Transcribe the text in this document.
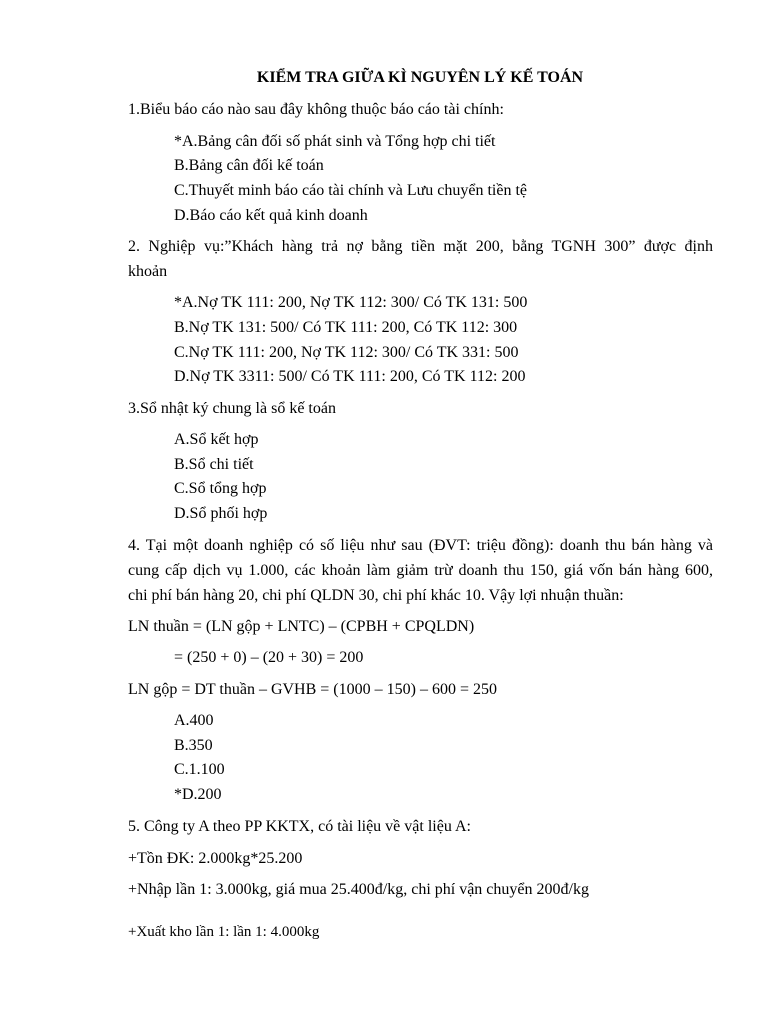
KIỂM TRA GIỮA KÌ NGUYÊN LÝ KẾ TOÁN
1.Biểu báo cáo nào sau đây không thuộc báo cáo tài chính:
*A.Bảng cân đối số phát sinh và Tổng hợp chi tiết
B.Bảng cân đối kế toán
C.Thuyết minh báo cáo tài chính và Lưu chuyển tiền tệ
D.Báo cáo kết quả kinh doanh
2. Nghiệp vụ:”Khách hàng trả nợ bằng tiền mặt 200, bằng TGNH 300” được định
khoản
*A.Nợ TK 111: 200, Nợ TK 112: 300/ Có TK 131: 500
B.Nợ TK 131: 500/ Có TK 111: 200, Có TK 112: 300
C.Nợ TK 111: 200, Nợ TK 112: 300/ Có TK 331: 500
D.Nợ TK 3311: 500/ Có TK 111: 200, Có TK 112: 200
3.Sổ nhật ký chung là sổ kế toán
A.Sổ kết hợp
B.Sổ chi tiết
C.Sổ tổng hợp
D.Sổ phối hợp
4. Tại một doanh nghiệp có số liệu như sau (ĐVT: triệu đồng): doanh thu bán hàng và
cung cấp dịch vụ 1.000, các khoản làm giảm trừ doanh thu 150, giá vốn bán hàng 600,
chi phí bán hàng 20, chi phí QLDN 30, chi phí khác 10. Vậy lợi nhuận thuần:
LN thuần = (LN gộp + LNTC) – (CPBH + CPQLDN)
= (250 + 0) – (20 + 30) = 200
LN gộp = DT thuần – GVHB = (1000 – 150) – 600 = 250
A.400
B.350
C.1.100
*D.200
5. Công ty A theo PP KKTX, có tài liệu về vật liệu A:
+Tồn ĐK: 2.000kg*25.200
+Nhập lần 1: 3.000kg, giá mua 25.400đ/kg, chi phí vận chuyển 200đ/kg
+Xuất kho lần 1: lần 1: 4.000kg
